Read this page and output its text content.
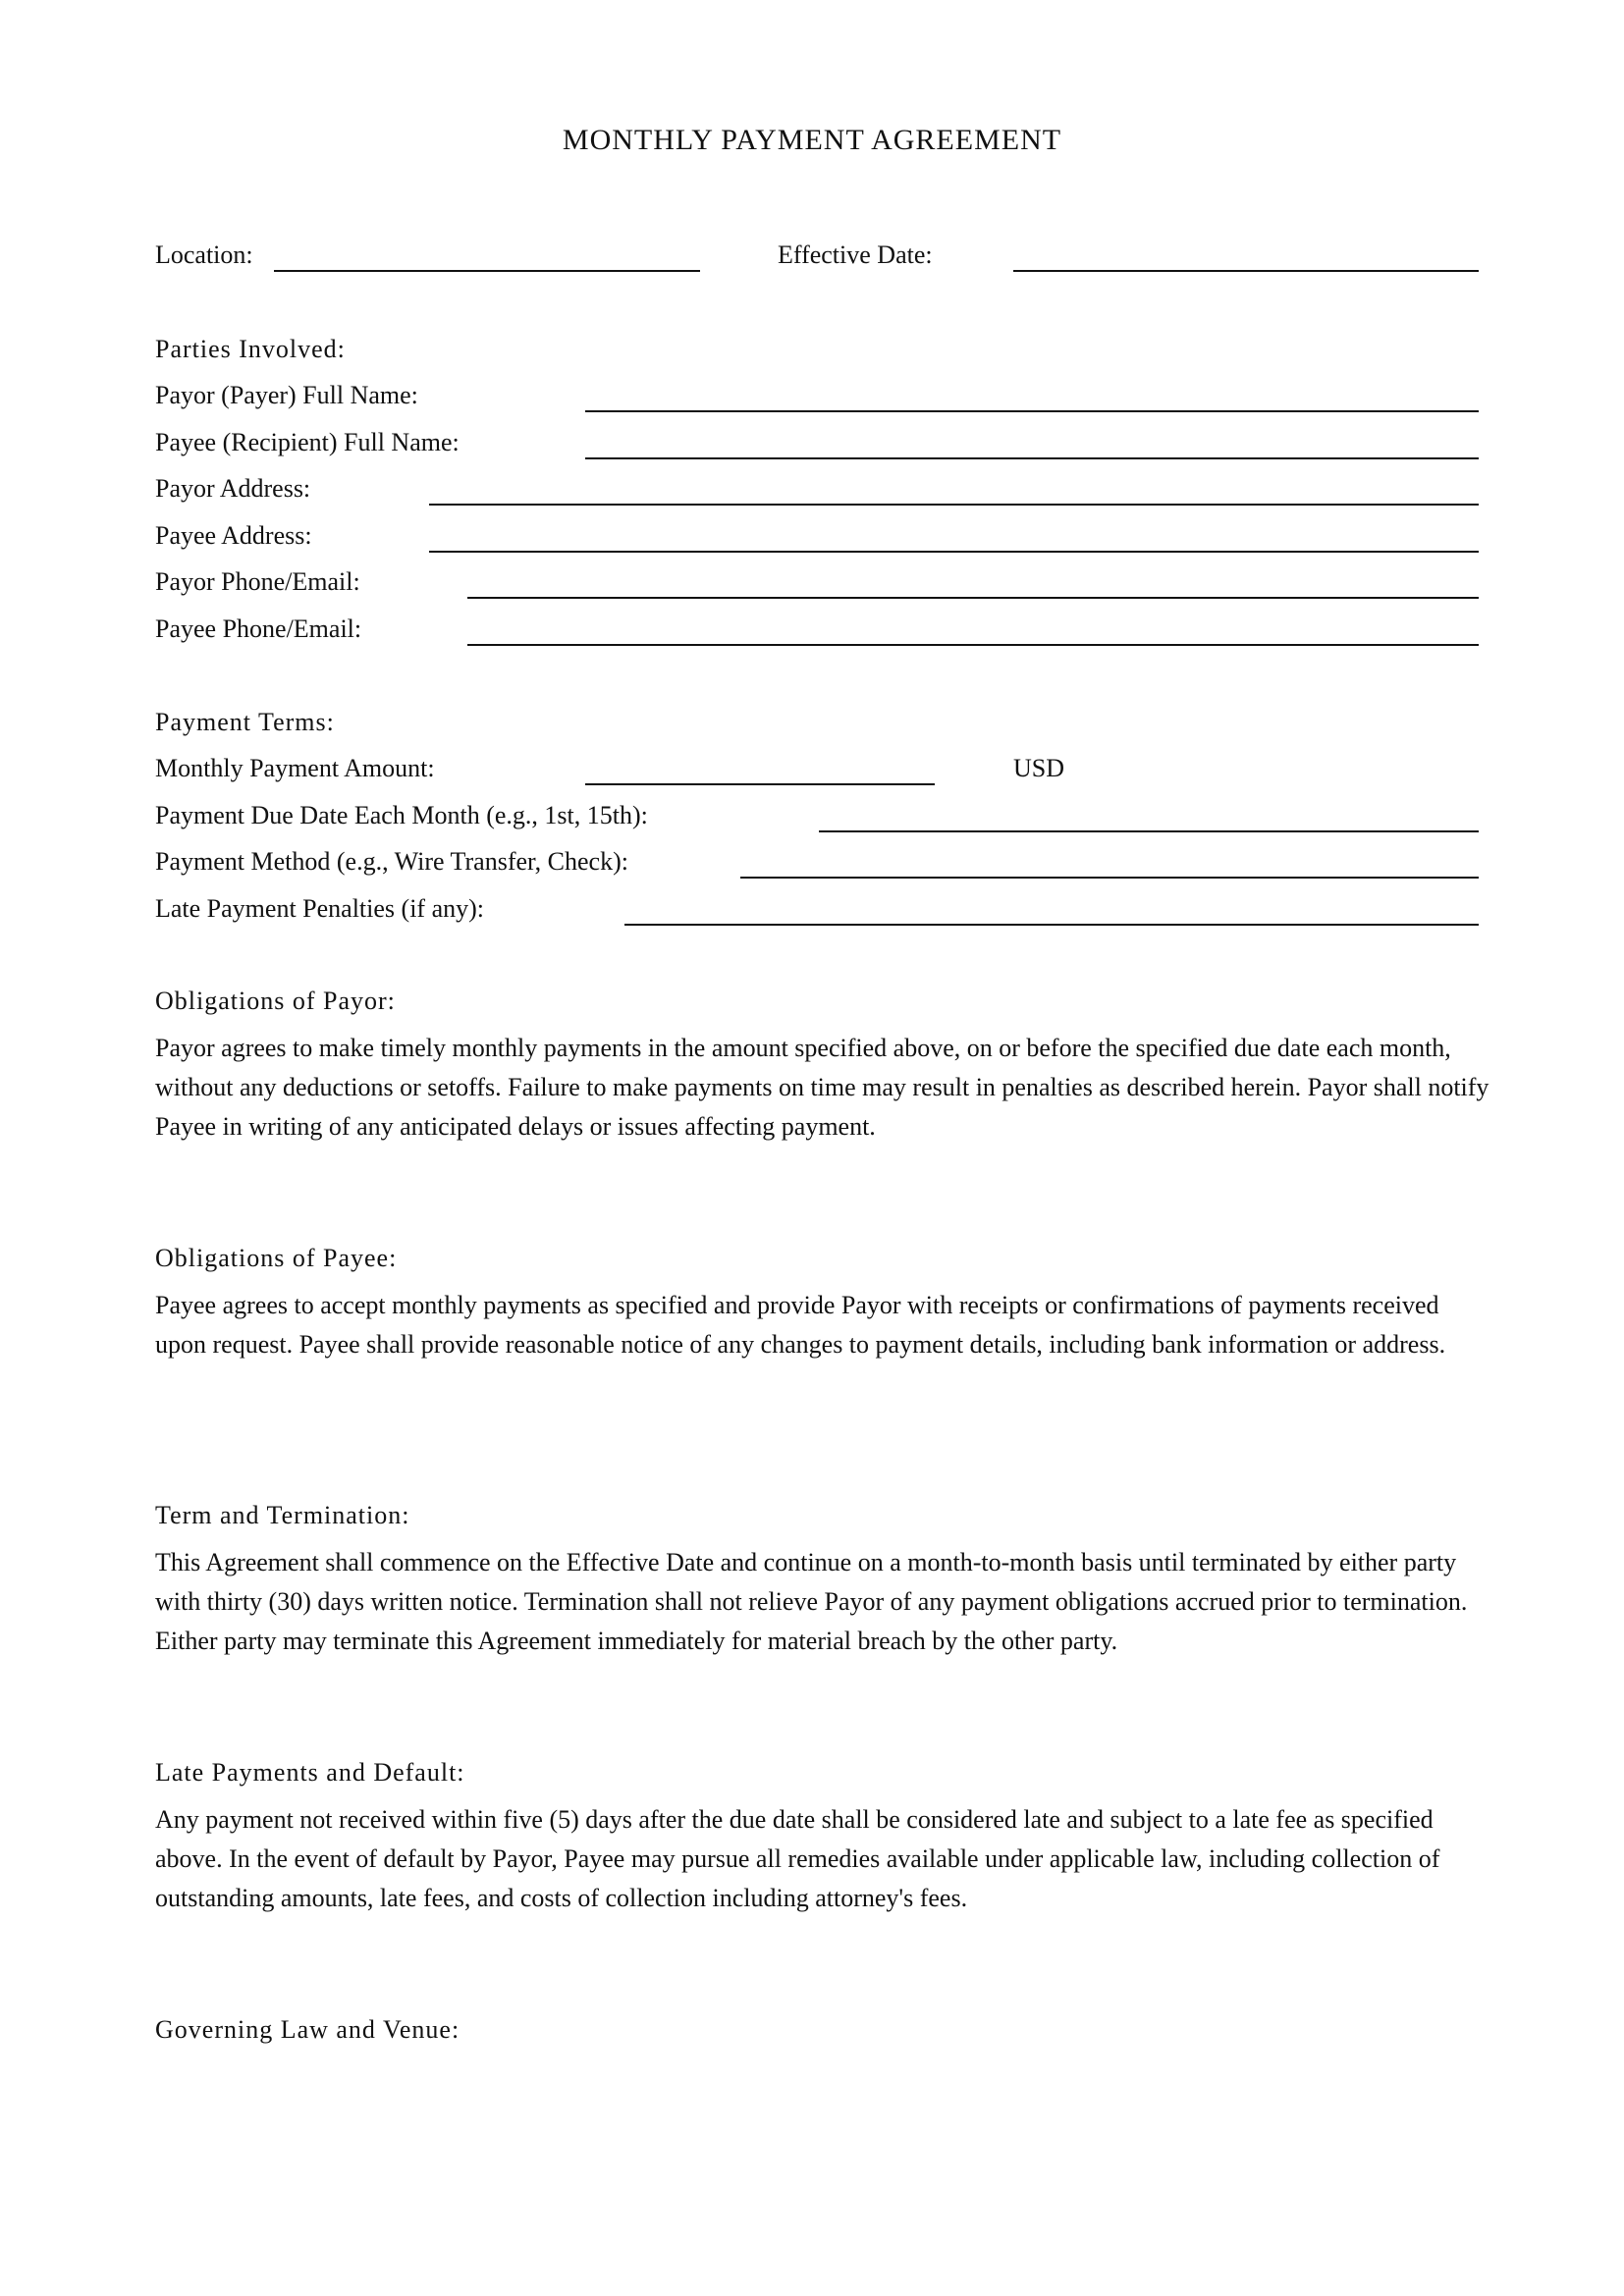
MONTHLY PAYMENT AGREEMENT
Location:	Effective Date:
Parties Involved:
Payor (Payer) Full Name:
Payee (Recipient) Full Name:
Payor Address:
Payee Address:
Payor Phone/Email:
Payee Phone/Email:
Payment Terms:
Monthly Payment Amount:	USD
Payment Due Date Each Month (e.g., 1st, 15th):
Payment Method (e.g., Wire Transfer, Check):
Late Payment Penalties (if any):
Obligations of Payor:
Payor agrees to make timely monthly payments in the amount specified above, on or before the specified due date each month, without any deductions or setoffs. Failure to make payments on time may result in penalties as described herein. Payor shall notify Payee in writing of any anticipated delays or issues affecting payment.
Obligations of Payee:
Payee agrees to accept monthly payments as specified and provide Payor with receipts or confirmations of payments received upon request. Payee shall provide reasonable notice of any changes to payment details, including bank information or address.
Term and Termination:
This Agreement shall commence on the Effective Date and continue on a month-to-month basis until terminated by either party with thirty (30) days written notice. Termination shall not relieve Payor of any payment obligations accrued prior to termination. Either party may terminate this Agreement immediately for material breach by the other party.
Late Payments and Default:
Any payment not received within five (5) days after the due date shall be considered late and subject to a late fee as specified above. In the event of default by Payor, Payee may pursue all remedies available under applicable law, including collection of outstanding amounts, late fees, and costs of collection including attorney's fees.
Governing Law and Venue:
